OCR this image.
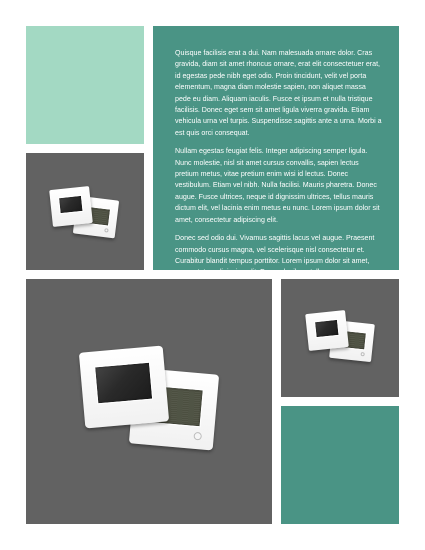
Quisque facilisis erat a dui. Nam malesuada ornare dolor. Cras gravida, diam sit amet rhoncus ornare, erat elit consectetuer erat, id egestas pede nibh eget odio. Proin tincidunt, velit vel porta elementum, magna diam molestie sapien, non aliquet massa pede eu diam. Aliquam iaculis. Fusce et ipsum et nulla tristique facilisis. Donec eget sem sit amet ligula viverra gravida. Etiam vehicula urna vel turpis. Suspendisse sagittis ante a urna. Morbi a est quis orci consequat.

Nullam egestas feugiat felis. Integer adipiscing semper ligula. Nunc molestie, nisl sit amet cursus convallis, sapien lectus pretium metus, vitae pretium enim wisi id lectus. Donec vestibulum. Etiam vel nibh. Nulla facilisi. Mauris pharetra. Donec augue. Fusce ultrices, neque id dignissim ultrices, tellus mauris dictum elit, vel lacinia enim metus eu nunc. Lorem ipsum dolor sit amet, consectetur adipiscing elit.

Donec sed odio dui. Vivamus sagittis lacus vel augue. Praesent commodo cursus magna, vel scelerisque nisl consectetur et. Curabitur blandit tempus porttitor. Lorem ipsum dolor sit amet, consectetur adipiscing elit. Fusce dapibus, tellus ac cursus
